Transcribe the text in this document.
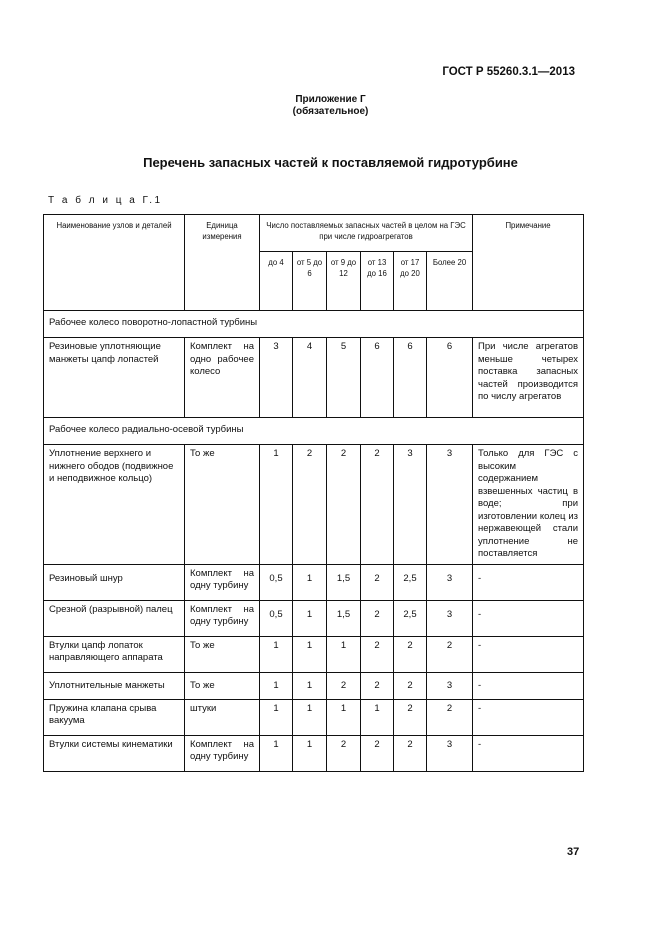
ГОСТ Р 55260.3.1—2013
Приложение Г
(обязательное)
Перечень запасных частей к поставляемой гидротурбине
Т а б л и ц а Г.1
Наименование узлов и деталей	Единица измерения	Число поставляемых запасных частей в целом на ГЭС при числе гидроагрегатов						Примечание
		до 4	от 5 до 6	от 9 до 12	от 13 до 16	от 17 до 20	Более 20	
Рабочее колесо поворотно-лопастной турбины								
Резиновые уплотняющие манжеты цапф лопастей	Комплект на одно рабочее колесо	3	4	5	6	6	6	При числе агрегатов меньше четырех поставка запасных частей производится по числу агрегатов
Рабочее колесо радиально-осевой турбины								
Уплотнение верхнего и нижнего ободов (подвижное и неподвижное кольцо)	То же	1	2	2	2	3	3	Только для ГЭС с высоким содержанием взвешенных частиц в воде; при изготовлении колец из нержавеющей стали уплотнение не поставляется
Резиновый шнур	Комплект на одну турбину	0,5	1	1,5	2	2,5	3	-
Срезной (разрывной) палец	Комплект на одну турбину	0,5	1	1,5	2	2,5	3	-
Втулки цапф лопаток направляющего аппарата	То же	1	1	1	2	2	2	-
Уплотнительные манжеты	То же	1	1	2	2	2	3	-
Пружина клапана срыва вакуума	штуки	1	1	1	1	2	2	-
Втулки системы кинематики	Комплект на одну турбину	1	1	2	2	2	3	-
37
